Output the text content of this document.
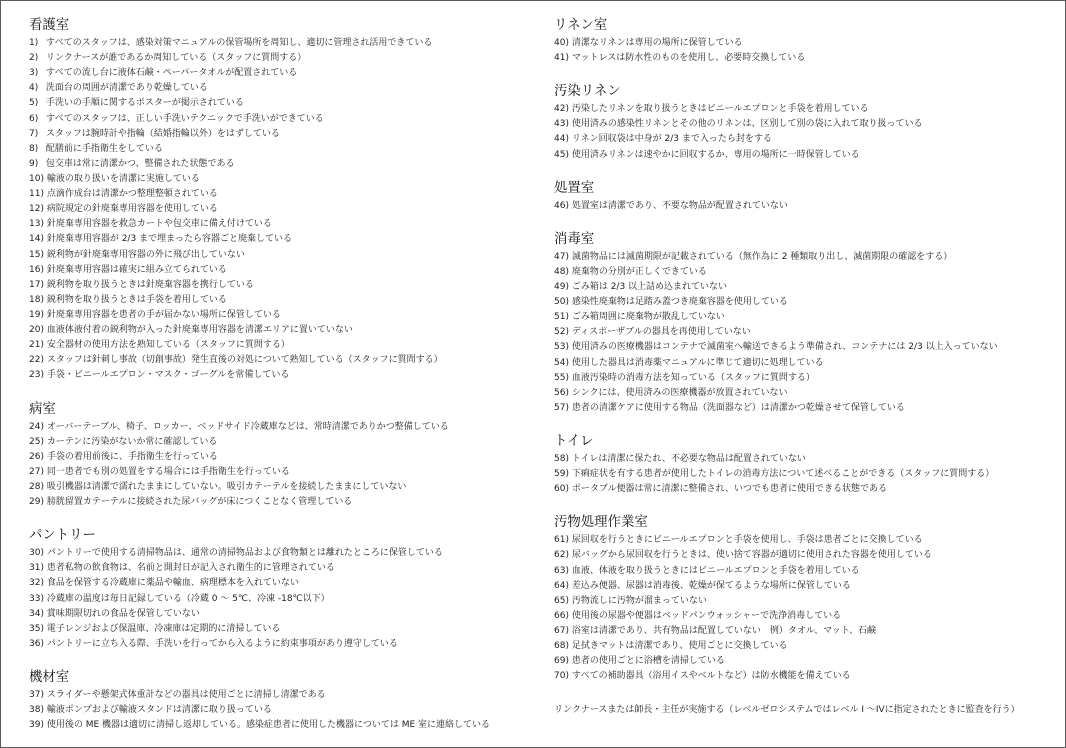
看護室
1) すべてのスタッフは、感染対策マニュアルの保管場所を周知し、適切に管理され活用できている
2) リンクナースが誰であるか周知している（スタッフに質問する）
3) すべての流し台に液体石鹸・ペーパータオルが配置されている
4) 洗面台の周囲が清潔であり乾燥している
5) 手洗いの手順に関するポスターが掲示されている
6) すべてのスタッフは、正しい手洗いテクニックで手洗いができている
7) スタッフは腕時計や指輪（結婚指輪以外）をはずしている
8) 配膳前に手指衛生をしている
9) 包交車は常に清潔かつ、整備された状態である
10) 輸液の取り扱いを清潔に実施している
11) 点滴作成台は清潔かつ整理整頓されている
12) 病院規定の針廃棄専用容器を使用している
13) 針廃棄専用容器を救急カートや包交車に備え付けている
14) 針廃棄専用容器が 2/3 まで埋まったら容器ごと廃棄している
15) 鋭利物が針廃棄専用容器の外に飛び出していない
16) 針廃棄専用容器は確実に組み立てられている
17) 鋭利物を取り扱うときは針廃棄容器を携行している
18) 鋭利物を取り扱うときは手袋を着用している
19) 針廃棄専用容器を患者の手が届かない場所に保管している
20) 血液体液付着の鋭利物が入った針廃棄専用容器を清潔エリアに置いていない
21) 安全器材の使用方法を熟知している（スタッフに質問する）
22) スタッフは針刺し事故（切創事故）発生直後の対処について熟知している（スタッフに質問する）
23) 手袋・ビニールエプロン・マスク・ゴーグルを常備している
病室
24) オーバーテーブル、椅子、ロッカー、ベッドサイド冷蔵庫などは、常時清潔でありかつ整備している
25) カーテンに汚染がないか常に確認している
26) 手袋の着用前後に、手指衛生を行っている
27) 同一患者でも別の処置をする場合には手指衛生を行っている
28) 吸引機器は清潔で濡れたままにしていない。吸引カテーテルを接続したままにしていない
29) 膀胱留置カテーテルに接続された尿バッグが床につくことなく管理している
パントリー
30) パントリーで使用する清掃物品は、通常の清掃物品および食物類とは離れたところに保管している
31) 患者私物の飲食物は、名前と開封日が記入され衛生的に管理されている
32) 食品を保管する冷蔵庫に薬品や輸血、病理標本を入れていない
33) 冷蔵庫の温度は毎日記録している（冷蔵 0 ～ 5℃、冷凍 -18℃以下）
34) 賞味期限切れの食品を保管していない
35) 電子レンジおよび保温庫、冷凍庫は定期的に清掃している
36) パントリーに立ち入る際、手洗いを行ってから入るように約束事項があり遵守している
機材室
37) スライダーや懸架式体重計などの器具は使用ごとに清掃し清潔である
38) 輸液ポンプおよび輸液スタンドは清潔に取り扱っている
39) 使用後の ME 機器は適切に清掃し返却している。感染症患者に使用した機器については ME 室に連絡している
リネン室
40) 清潔なリネンは専用の場所に保管している
41) マットレスは防水性のものを使用し、必要時交換している
汚染リネン
42) 汚染したリネンを取り扱うときはビニールエプロンと手袋を着用している
43) 使用済みの感染性リネンとその他のリネンは、区別して別の袋に入れて取り扱っている
44) リネン回収袋は中身が 2/3 まで入ったら封をする
45) 使用済みリネンは速やかに回収するか、専用の場所に一時保管している
処置室
46) 処置室は清潔であり、不要な物品が配置されていない
消毒室
47) 滅菌物品には滅菌期限が記載されている（無作為に 2 種類取り出し、滅菌期限の確認をする）
48) 廃棄物の分別が正しくできている
49) ごみ箱は 2/3 以上詰め込まれていない
50) 感染性廃棄物は足踏み蓋つき廃棄容器を使用している
51) ごみ箱周囲に廃棄物が散乱していない
52) ディスポーザブルの器具を再使用していない
53) 使用済みの医療機器はコンテナで滅菌室へ輸送できるよう準備され、コンテナには 2/3 以上入っていない
54) 使用した器具は消毒薬マニュアルに準じて適切に処理している
55) 血液汚染時の消毒方法を知っている（スタッフに質問する）
56) シンクには、使用済みの医療機器が放置されていない
57) 患者の清潔ケアに使用する物品（洗面器など）は清潔かつ乾燥させて保管している
トイレ
58) トイレは清潔に保たれ、不必要な物品は配置されていない
59) 下痢症状を有する患者が使用したトイレの消毒方法について述べることができる（スタッフに質問する）
60) ポータブル便器は常に清潔に整備され、いつでも患者に使用できる状態である
汚物処理作業室
61) 尿回収を行うときにビニールエプロンと手袋を使用し、手袋は患者ごとに交換している
62) 尿バッグから尿回収を行うときは、使い捨て容器が適切に使用された容器を使用している
63) 血液、体液を取り扱うときにはビニールエプロンと手袋を着用している
64) 差込み便器、尿器は消毒後、乾燥が保てるような場所に保管している
65) 汚物流しに汚物が溜まっていない
66) 使用後の尿器や便器はベッドパンウォッシャーで洗浄消毒している
67) 浴室は清潔であり、共有物品は配置していない　例）タオル、マット、石鹸
68) 足拭きマットは清潔であり、使用ごとに交換している
69) 患者の使用ごとに浴槽を清掃している
70) すべての補助器具（浴用イスやベルトなど）は防水機能を備えている
リンクナースまたは師長・主任が実施する（レベルゼロシステムではレベル I ～IVに指定されたときに監査を行う）
